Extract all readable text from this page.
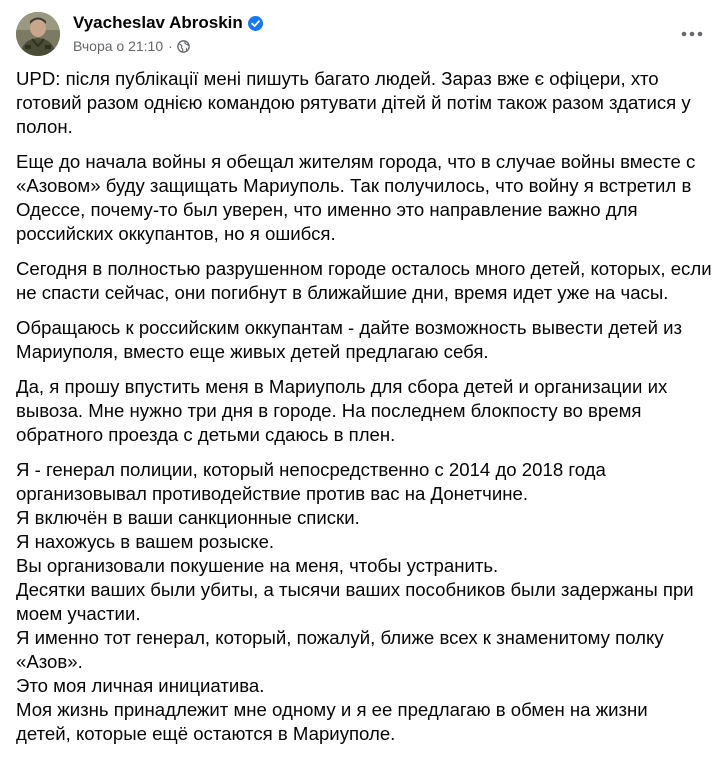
Vyacheslav Abroskin
Вчора о 21:10 ·
UPD: після публікації мені пишуть багато людей. Зараз вже є офіцери, хто
готовий разом однією командою рятувати дітей й потім також разом здатися у
полон.
Еще до начала войны я обещал жителям города, что в случае войны вместе с
«Азовом» буду защищать Мариуполь. Так получилось, что войну я встретил в
Одессе, почему-то был уверен, что именно это направление важно для
российских оккупантов, но я ошибся.
Сегодня в полностью разрушенном городе осталось много детей, которых, если
не спасти сейчас, они погибнут в ближайшие дни, время идет уже на часы.
Обращаюсь к российским оккупантам - дайте возможность вывести детей из
Мариуполя, вместо еще живых детей предлагаю себя.
Да, я прошу впустить меня в Мариуполь для сбора детей и организации их
вывоза. Мне нужно три дня в городе. На последнем блокпосту во время
обратного проезда с детьми сдаюсь в плен.
Я - генерал полиции, который непосредственно с 2014 до 2018 года
организовывал противодействие против вас на Донетчине.
Я включён в ваши санкционные списки.
Я нахожусь в вашем розыске.
Вы организовали покушение на меня, чтобы устранить.
Десятки ваших были убиты, а тысячи ваших пособников были задержаны при
моем участии.
Я именно тот генерал, который, пожалуй, ближе всех к знаменитому полку
«Азов».
Это моя личная инициатива.
Моя жизнь принадлежит мне одному и я ее предлагаю в обмен на жизни
детей, которые ещё остаются в Мариуполе.
